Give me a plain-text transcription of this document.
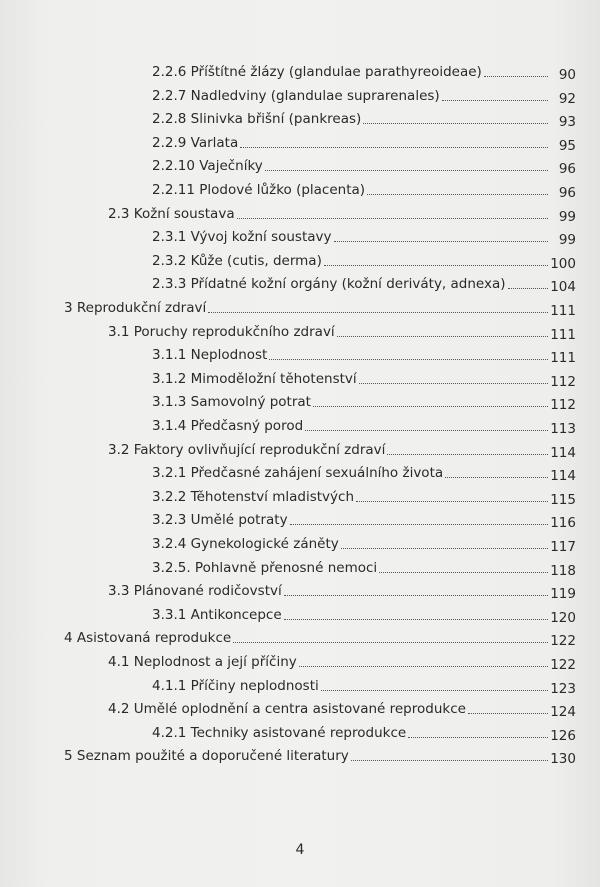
2.2.6 Příštítné žlázy (glandulae parathyreoideae)	90
2.2.7 Nadledviny (glandulae suprarenales)	92
2.2.8 Slinivka břišní (pankreas)	93
2.2.9 Varlata	95
2.2.10 Vaječníky	96
2.2.11 Plodové lůžko (placenta)	96
2.3 Kožní soustava	99
2.3.1 Vývoj kožní soustavy	99
2.3.2 Kůže (cutis, derma)	100
2.3.3 Přídatné kožní orgány (kožní deriváty, adnexa)	104
3 Reprodukční zdraví	111
3.1 Poruchy reprodukčního zdraví	111
3.1.1 Neplodnost	111
3.1.2 Mimoděložní těhotenství	112
3.1.3 Samovolný potrat	112
3.1.4 Předčasný porod	113
3.2 Faktory ovlivňující reprodukční zdraví	114
3.2.1 Předčasné zahájení sexuálního života	114
3.2.2 Těhotenství mladistvých	115
3.2.3 Umělé potraty	116
3.2.4 Gynekologické záněty	117
3.2.5. Pohlavně přenosné nemoci	118
3.3 Plánované rodičovství	119
3.3.1 Antikoncepce	120
4 Asistovaná reprodukce	122
4.1 Neplodnost a její příčiny	122
4.1.1 Příčiny neplodnosti	123
4.2 Umělé oplodnění a centra asistované reprodukce	124
4.2.1 Techniky asistované reprodukce	126
5 Seznam použité a doporučené literatury	130
4
